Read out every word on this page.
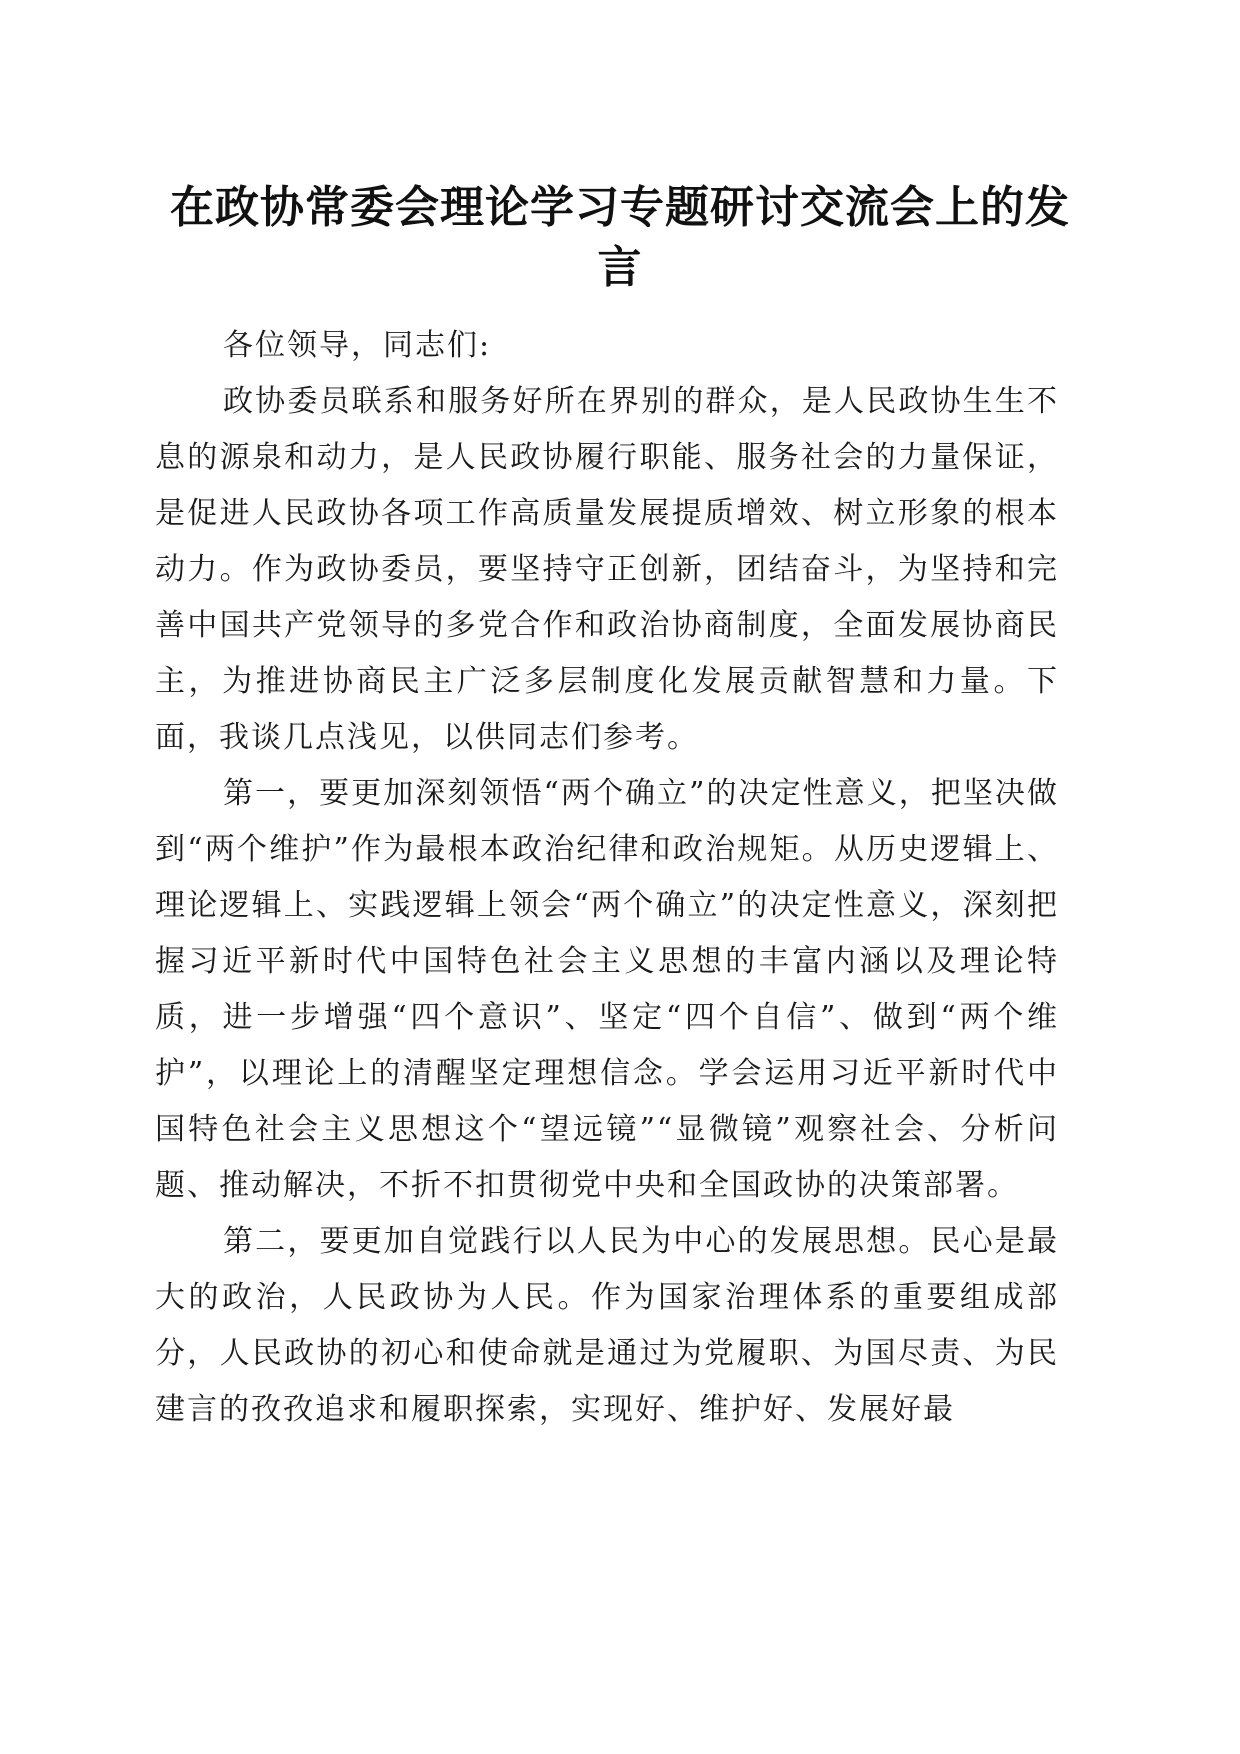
在政协常委会理论学习专题研讨交流会上的发言

各位领导，同志们:

政协委员联系和服务好所在界别的群众，是人民政协生生不息的源泉和动力，是人民政协履行职能、服务社会的力量保证，是促进人民政协各项工作高质量发展提质增效、树立形象的根本动力。作为政协委员，要坚持守正创新，团结奋斗，为坚持和完善中国共产党领导的多党合作和政治协商制度，全面发展协商民主，为推进协商民主广泛多层制度化发展贡献智慧和力量。下面，我谈几点浅见，以供同志们参考。

第一，要更加深刻领悟“两个确立”的决定性意义，把坚决做到“两个维护”作为最根本政治纪律和政治规矩。从历史逻辑上、理论逻辑上、实践逻辑上领会“两个确立”的决定性意义，深刻把握习近平新时代中国特色社会主义思想的丰富内涵以及理论特质，进一步增强“四个意识”、坚定“四个自信”、做到“两个维护”，以理论上的清醒坚定理想信念。学会运用习近平新时代中国特色社会主义思想这个“望远镜”“显微镜”观察社会、分析问题、推动解决，不折不扣贯彻党中央和全国政协的决策部署。

第二，要更加自觉践行以人民为中心的发展思想。民心是最大的政治，人民政协为人民。作为国家治理体系的重要组成部分，人民政协的初心和使命就是通过为党履职、为国尽责、为民建言的孜孜追求和履职探索，实现好、维护好、发展好最
